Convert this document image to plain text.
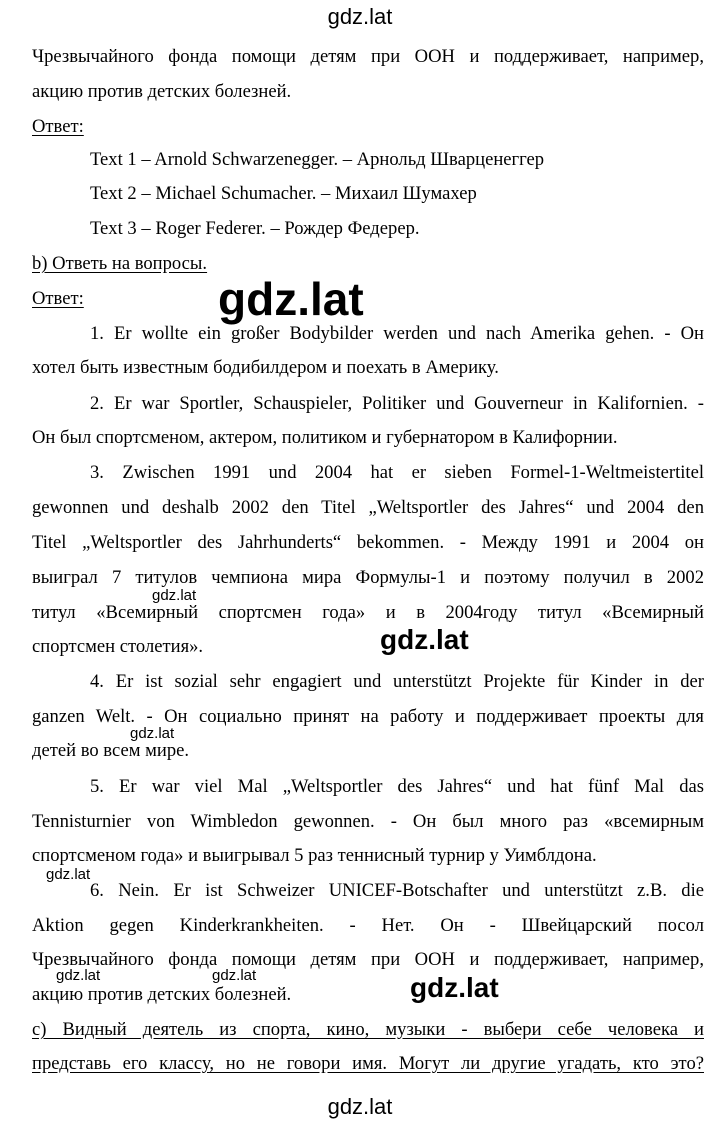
gdz.lat
Чрезвычайного фонда помощи детям при ООН и поддерживает, например,
акцию против детских болезней.
Ответ:
Text 1 – Arnold Schwarzenegger. – Арнольд Шварценеггер
Text 2 – Michael Schumacher. – Михаил Шумахер
Text 3 – Roger Federer. – Рождер Федерер.
b) Ответь на вопросы.
Ответ:	gdz.lat
1. Er wollte ein großer Bodybilder werden und nach Amerika gehen. - Он
хотел быть известным бодибилдером и поехать в Америку.
2. Er war Sportler, Schauspieler, Politiker und Gouverneur in Kalifornien. -
Он был спортсменом, актером, политиком и губернатором в Калифорнии.
3. Zwischen 1991 und 2004 hat er sieben Formel-1-Weltmeistertitel
gewonnen und deshalb 2002 den Titel „Weltsportler des Jahres“ und 2004 den
Titel „Weltsportler des Jahrhunderts“ bekommen. - Между 1991 и 2004 он
выиграл 7 титулов чемпиона мира Формулы-1 и поэтому получил в 2002
титул «Всемирный спортсмен года» и в 2004году титул «Всемирный
спортсмен столетия».
gdz.lat
gdz.lat
4. Er ist sozial sehr engagiert und unterstützt Projekte für Kinder in der
ganzen Welt. - Он социально принят на работу и поддерживает проекты для
детей во всем мире.
gdz.lat
5. Er war viel Mal „Weltsportler des Jahres“ und hat fünf Mal das
Tennisturnier von Wimbledon gewonnen. - Он был много раз «всемирным
спортсменом года» и выигрывал 5 раз теннисный турнир у Уимблдона.
gdz.lat
6. Nein. Er ist Schweizer UNICEF-Botschafter und unterstützt z.B. die
Aktion gegen Kinderkrankheiten. - Нет. Он - Швейцарский посол
Чрезвычайного фонда помощи детям при ООН и поддерживает, например,
акцию против детских болезней.
gdz.lat	gdz.lat	gdz.lat
c) Видный деятель из спорта, кино, музыки - выбери себе человека и
представь его классу, но не говори имя. Могут ли другие угадать, кто это?
gdz.lat
